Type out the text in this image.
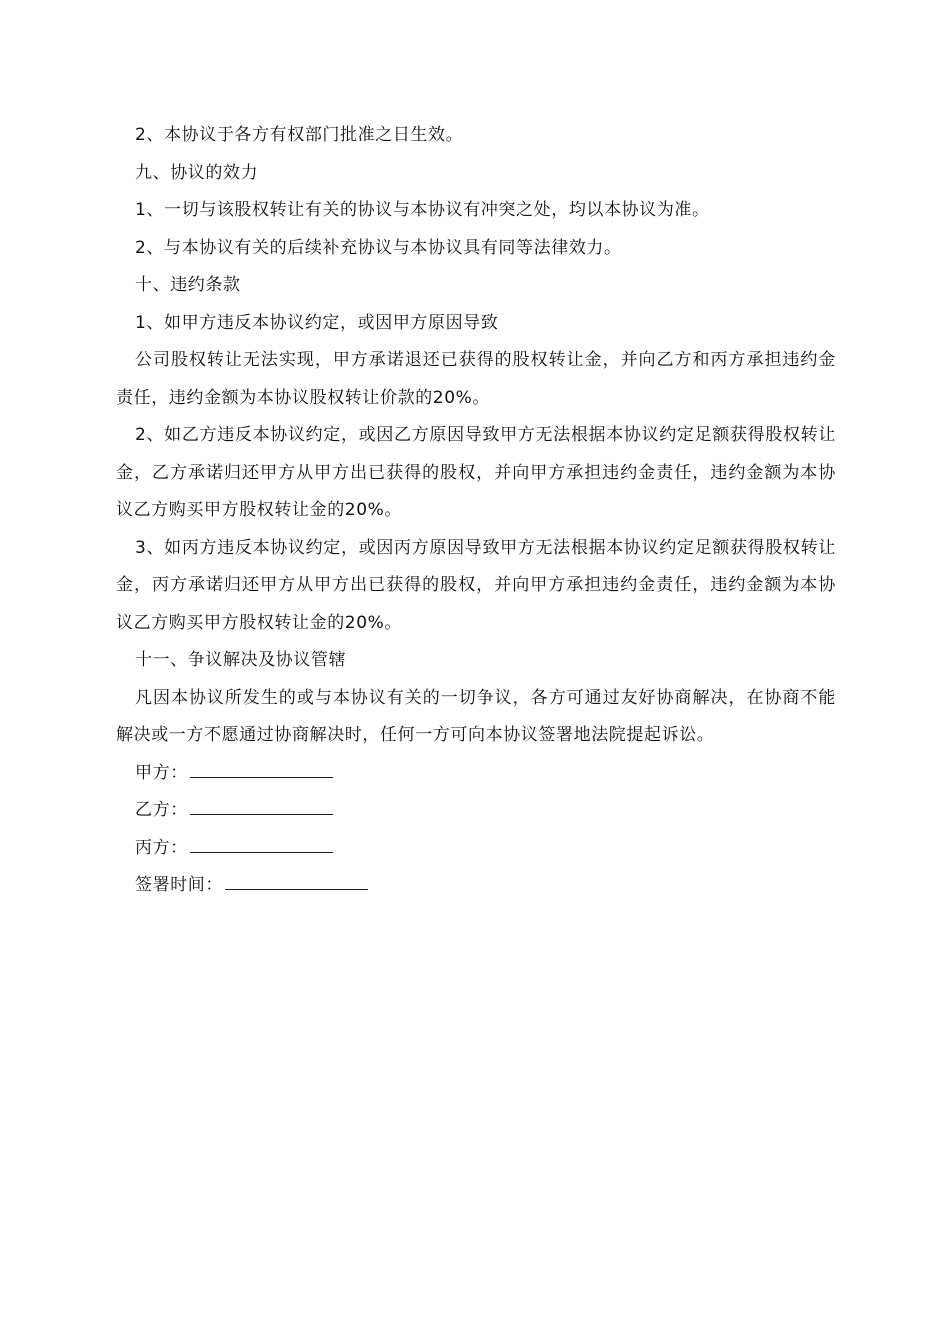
2、本协议于各方有权部门批准之日生效。

九、协议的效力

1、一切与该股权转让有关的协议与本协议有冲突之处，均以本协议为准。

2、与本协议有关的后续补充协议与本协议具有同等法律效力。

十、违约条款

1、如甲方违反本协议约定，或因甲方原因导致

公司股权转让无法实现，甲方承诺退还已获得的股权转让金，并向乙方和丙方承担违约金责任，违约金额为本协议股权转让价款的20%。

2、如乙方违反本协议约定，或因乙方原因导致甲方无法根据本协议约定足额获得股权转让金，乙方承诺归还甲方从甲方出已获得的股权，并向甲方承担违约金责任，违约金额为本协议乙方购买甲方股权转让金的20%。

3、如丙方违反本协议约定，或因丙方原因导致甲方无法根据本协议约定足额获得股权转让金，丙方承诺归还甲方从甲方出已获得的股权，并向甲方承担违约金责任，违约金额为本协议乙方购买甲方股权转让金的20%。

十一、争议解决及协议管辖

凡因本协议所发生的或与本协议有关的一切争议，各方可通过友好协商解决，在协商不能解决或一方不愿通过协商解决时，任何一方可向本协议签署地法院提起诉讼。

甲方：

乙方：

丙方：

签署时间：
